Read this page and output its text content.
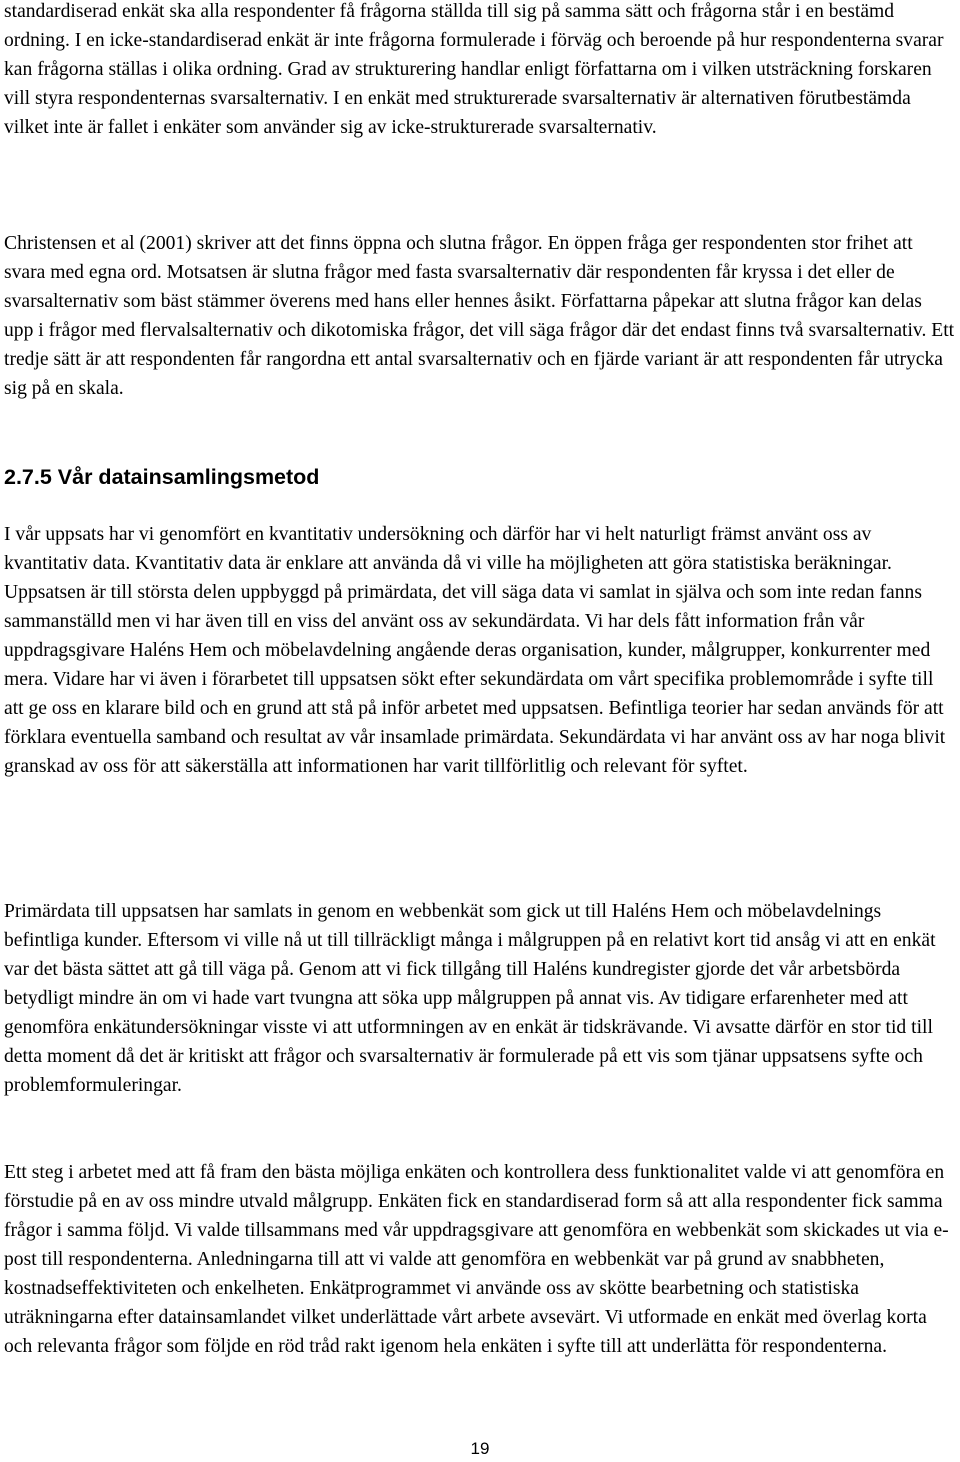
standardiserad enkät ska alla respondenter få frågorna ställda till sig på samma sätt och frågorna står i en bestämd ordning. I en icke-standardiserad enkät är inte frågorna formulerade i förväg och beroende på hur respondenterna svarar kan frågorna ställas i olika ordning. Grad av strukturering handlar enligt författarna om i vilken utsträckning forskaren vill styra respondenternas svarsalternativ. I en enkät med strukturerade svarsalternativ är alternativen förutbestämda vilket inte är fallet i enkäter som använder sig av icke-strukturerade svarsalternativ.

Christensen et al (2001) skriver att det finns öppna och slutna frågor. En öppen fråga ger respondenten stor frihet att svara med egna ord. Motsatsen är slutna frågor med fasta svarsalternativ där respondenten får kryssa i det eller de svarsalternativ som bäst stämmer överens med hans eller hennes åsikt. Författarna påpekar att slutna frågor kan delas upp i frågor med flervalsalternativ och dikotomiska frågor, det vill säga frågor där det endast finns två svarsalternativ. Ett tredje sätt är att respondenten får rangordna ett antal svarsalternativ och en fjärde variant är att respondenten får utrycka sig på en skala.

2.7.5 Vår datainsamlingsmetod

I vår uppsats har vi genomfört en kvantitativ undersökning och därför har vi helt naturligt främst använt oss av kvantitativ data. Kvantitativ data är enklare att använda då vi ville ha möjligheten att göra statistiska beräkningar. Uppsatsen är till största delen uppbyggd på primärdata, det vill säga data vi samlat in själva och som inte redan fanns sammanställd men vi har även till en viss del använt oss av sekundärdata. Vi har dels fått information från vår uppdragsgivare Haléns Hem och möbelavdelning angående deras organisation, kunder, målgrupper, konkurrenter med mera. Vidare har vi även i förarbetet till uppsatsen sökt efter sekundärdata om vårt specifika problemområde i syfte till att ge oss en klarare bild och en grund att stå på inför arbetet med uppsatsen. Befintliga teorier har sedan används för att förklara eventuella samband och resultat av vår insamlade primärdata. Sekundärdata vi har använt oss av har noga blivit granskad av oss för att säkerställa att informationen har varit tillförlitlig och relevant för syftet.

Primärdata till uppsatsen har samlats in genom en webbenkät som gick ut till Haléns Hem och möbelavdelnings befintliga kunder. Eftersom vi ville nå ut till tillräckligt många i målgruppen på en relativt kort tid ansåg vi att en enkät var det bästa sättet att gå till väga på. Genom att vi fick tillgång till Haléns kundregister gjorde det vår arbetsbörda betydligt mindre än om vi hade vart tvungna att söka upp målgruppen på annat vis. Av tidigare erfarenheter med att genomföra enkätundersökningar visste vi att utformningen av en enkät är tidskrävande. Vi avsatte därför en stor tid till detta moment då det är kritiskt att frågor och svarsalternativ är formulerade på ett vis som tjänar uppsatsens syfte och problemformuleringar.

Ett steg i arbetet med att få fram den bästa möjliga enkäten och kontrollera dess funktionalitet valde vi att genomföra en förstudie på en av oss mindre utvald målgrupp. Enkäten fick en standardiserad form så att alla respondenter fick samma frågor i samma följd. Vi valde tillsammans med vår uppdragsgivare att genomföra en webbenkät som skickades ut via e-post till respondenterna. Anledningarna till att vi valde att genomföra en webbenkät var på grund av snabbheten, kostnadseffektiviteten och enkelheten. Enkätprogrammet vi använde oss av skötte bearbetning och statistiska uträkningarna efter datainsamlandet vilket underlättade vårt arbete avsevärt. Vi utformade en enkät med överlag korta och relevanta frågor som följde en röd tråd rakt igenom hela enkäten i syfte till att underlätta för respondenterna.

19
